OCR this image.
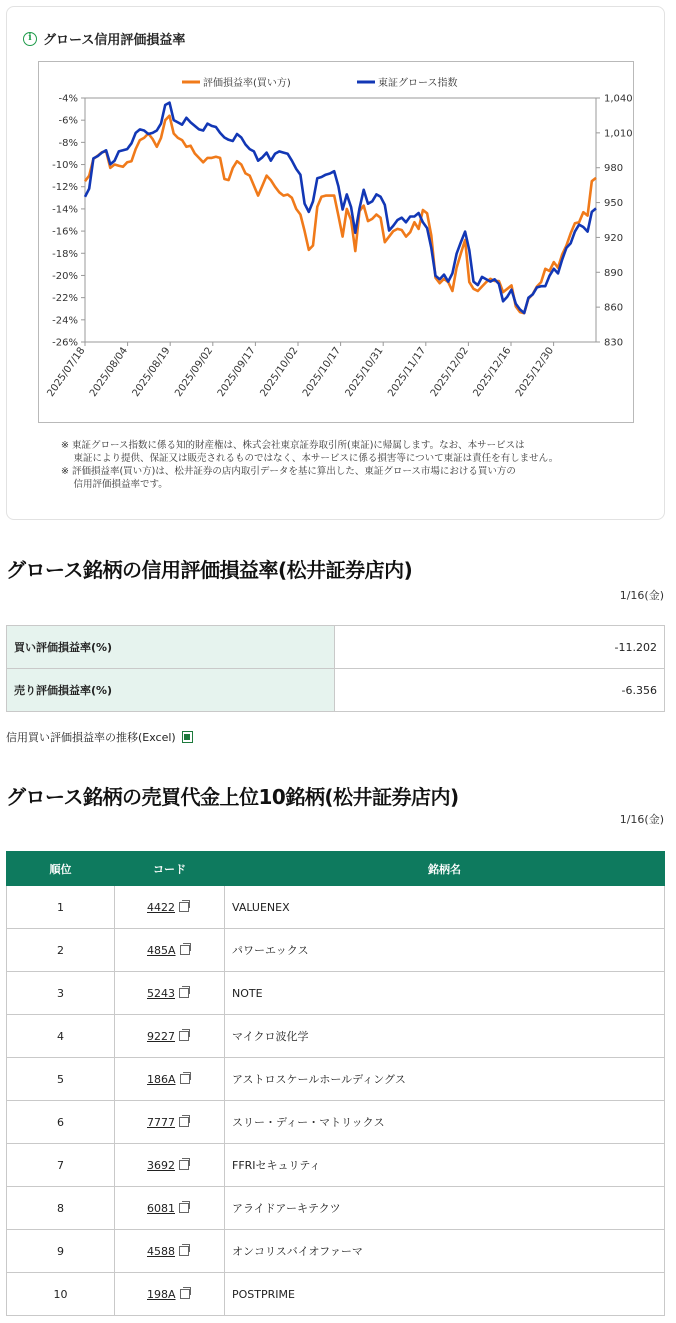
i グロース信用評価損益率
-4%
-6%
-8%
-10%
-12%
-14%
-16%
-18%
-20%
-22%
-24%
-26%
1,040
1,010
980
950
920
890
860
830
2025/07/18 2025/08/04 2025/08/19 2025/09/02 2025/09/17 2025/10/02 2025/10/17 2025/10/31 2025/11/17 2025/12/02 2025/12/16 2025/12/30
評価損益率(買い方)	東証グロース指数
※ 東証グロース指数に係る知的財産権は、株式会社東京証券取引所(東証)に帰属します。なお、本サービスは
　 東証により提供、保証又は販売されるものではなく、本サービスに係る損害等について東証は責任を有しません。
※ 評価損益率(買い方)は、松井証券の店内取引データを基に算出した、東証グロース市場における買い方の
　 信用評価損益率です。
グロース銘柄の信用評価損益率(松井証券店内)
1/16(金)
買い評価損益率(%)	-11.202
売り評価損益率(%)	-6.356
信用買い評価損益率の推移(Excel)
グロース銘柄の売買代金上位10銘柄(松井証券店内)
1/16(金)
順位	コード	銘柄名
1	4422	VALUENEX
2	485A	パワーエックス
3	5243	NOTE
4	9227	マイクロ波化学
5	186A	アストロスケールホールディングス
6	7777	スリー・ディー・マトリックス
7	3692	FFRIセキュリティ
8	6081	アライドアーキテクツ
9	4588	オンコリスバイオファーマ
10	198A	POSTPRIME
